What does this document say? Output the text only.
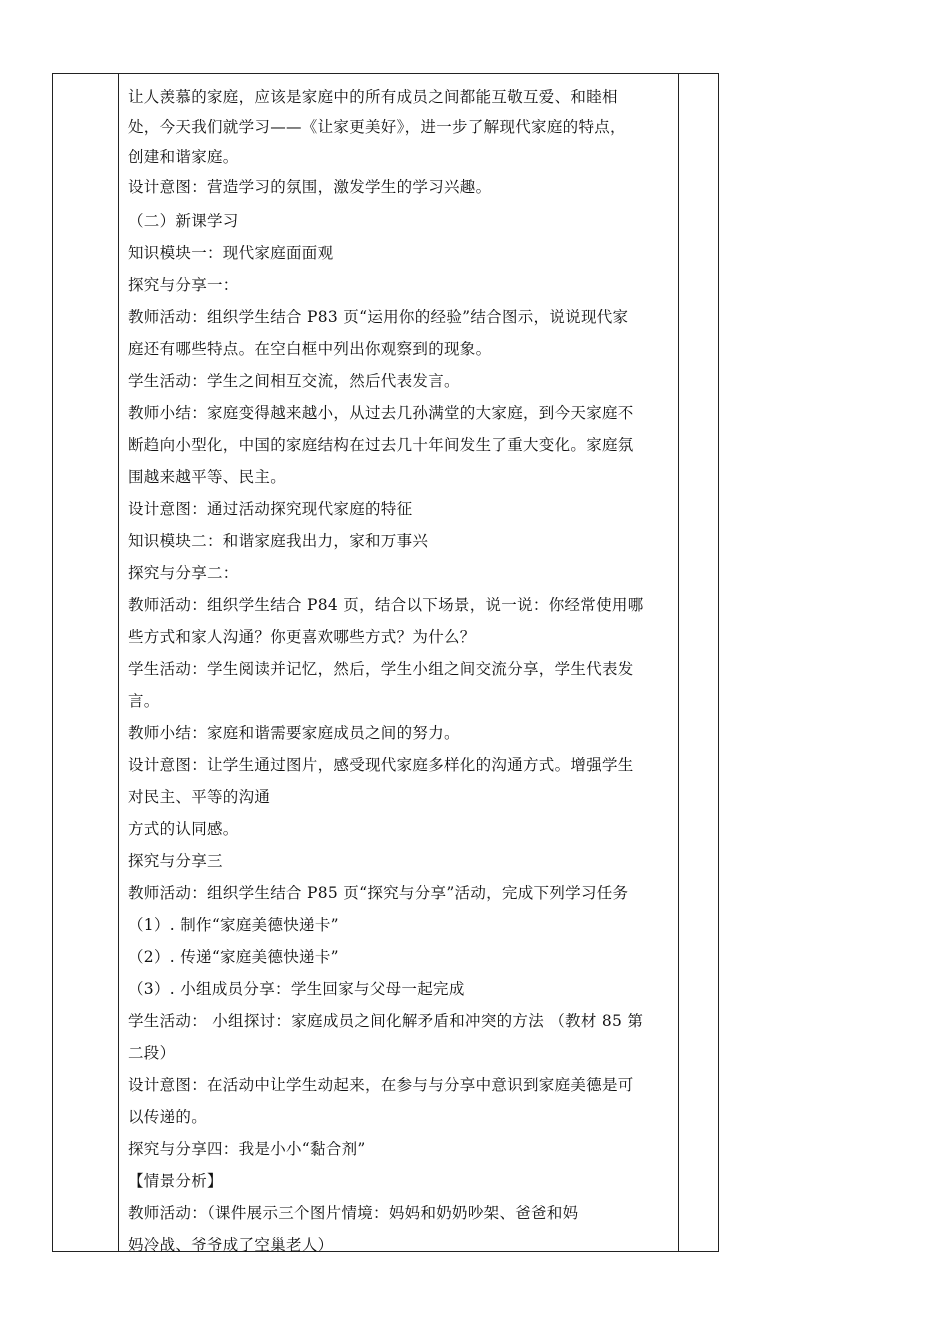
让人羡慕的家庭，应该是家庭中的所有成员之间都能互敬互爱、和睦相

处，今天我们就学习——《让家更美好》，进一步了解现代家庭的特点，

创建和谐家庭。

设计意图：营造学习的氛围，激发学生的学习兴趣。

（二）新课学习

知识模块一：现代家庭面面观

探究与分享一：

教师活动：组织学生结合 P83 页“运用你的经验”结合图示，说说现代家

庭还有哪些特点。在空白框中列出你观察到的现象。

学生活动：学生之间相互交流，然后代表发言。

教师小结：家庭变得越来越小，从过去几孙满堂的大家庭，到今天家庭不

断趋向小型化，中国的家庭结构在过去几十年间发生了重大变化。家庭氛

围越来越平等、民主。

设计意图：通过活动探究现代家庭的特征

知识模块二：和谐家庭我出力，家和万事兴

探究与分享二：

教师活动：组织学生结合 P84 页，结合以下场景，说一说：你经常使用哪

些方式和家人沟通？你更喜欢哪些方式？为什么？

学生活动：学生阅读并记忆，然后，学生小组之间交流分享，学生代表发

言。

教师小结：家庭和谐需要家庭成员之间的努力。

设计意图：让学生通过图片，感受现代家庭多样化的沟通方式。增强学生

对民主、平等的沟通

方式的认同感。

探究与分享三

教师活动：组织学生结合 P85 页“探究与分享”活动，完成下列学习任务

（1）. 制作“家庭美德快递卡”

（2）. 传递“家庭美德快递卡”

（3）. 小组成员分享：学生回家与父母一起完成

学生活动： 小组探讨：家庭成员之间化解矛盾和冲突的方法 （教材 85 第

二段）

设计意图：在活动中让学生动起来，在参与与分享中意识到家庭美德是可

以传递的。

探究与分享四：我是小小“黏合剂”

【情景分析】

教师活动：（课件展示三个图片情境：妈妈和奶奶吵架、爸爸和妈

妈冷战、爷爷成了空巢老人）
